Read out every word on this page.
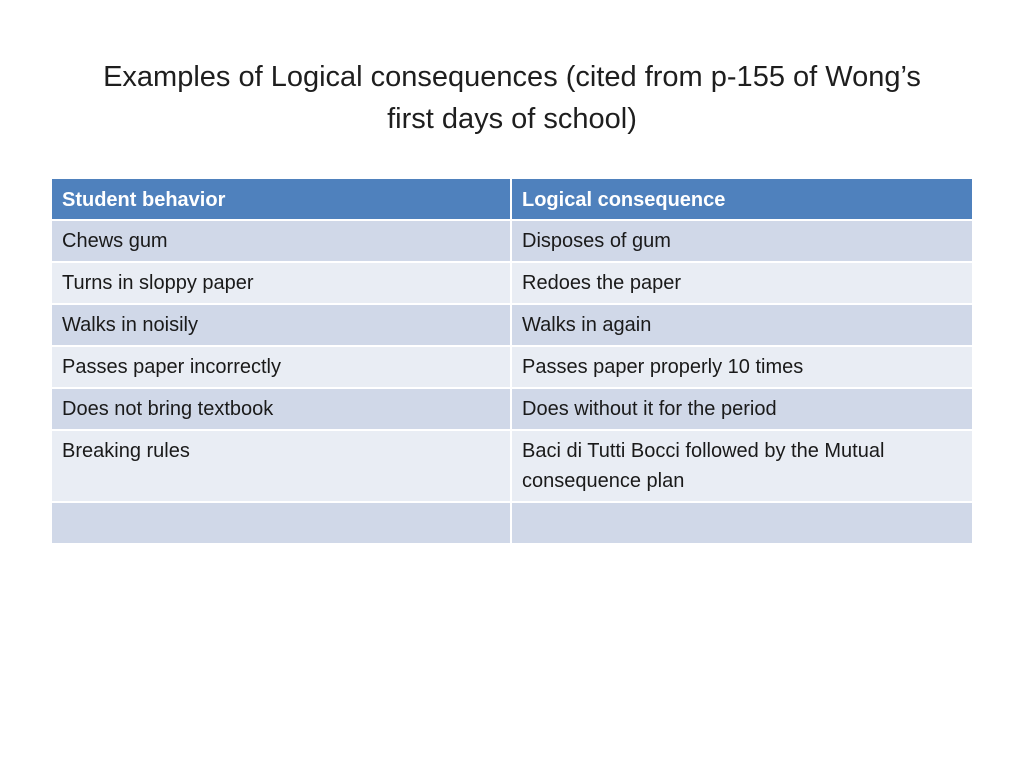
Examples of Logical consequences (cited from p-155 of Wong’s
first days of school)
Student behavior	Logical consequence
Chews gum	Disposes of gum
Turns in sloppy paper	Redoes the paper
Walks in noisily	Walks in again
Passes paper incorrectly	Passes paper properly 10 times
Does not bring textbook	Does without it for the period
Breaking rules	Baci di Tutti Bocci followed by the Mutual consequence plan
